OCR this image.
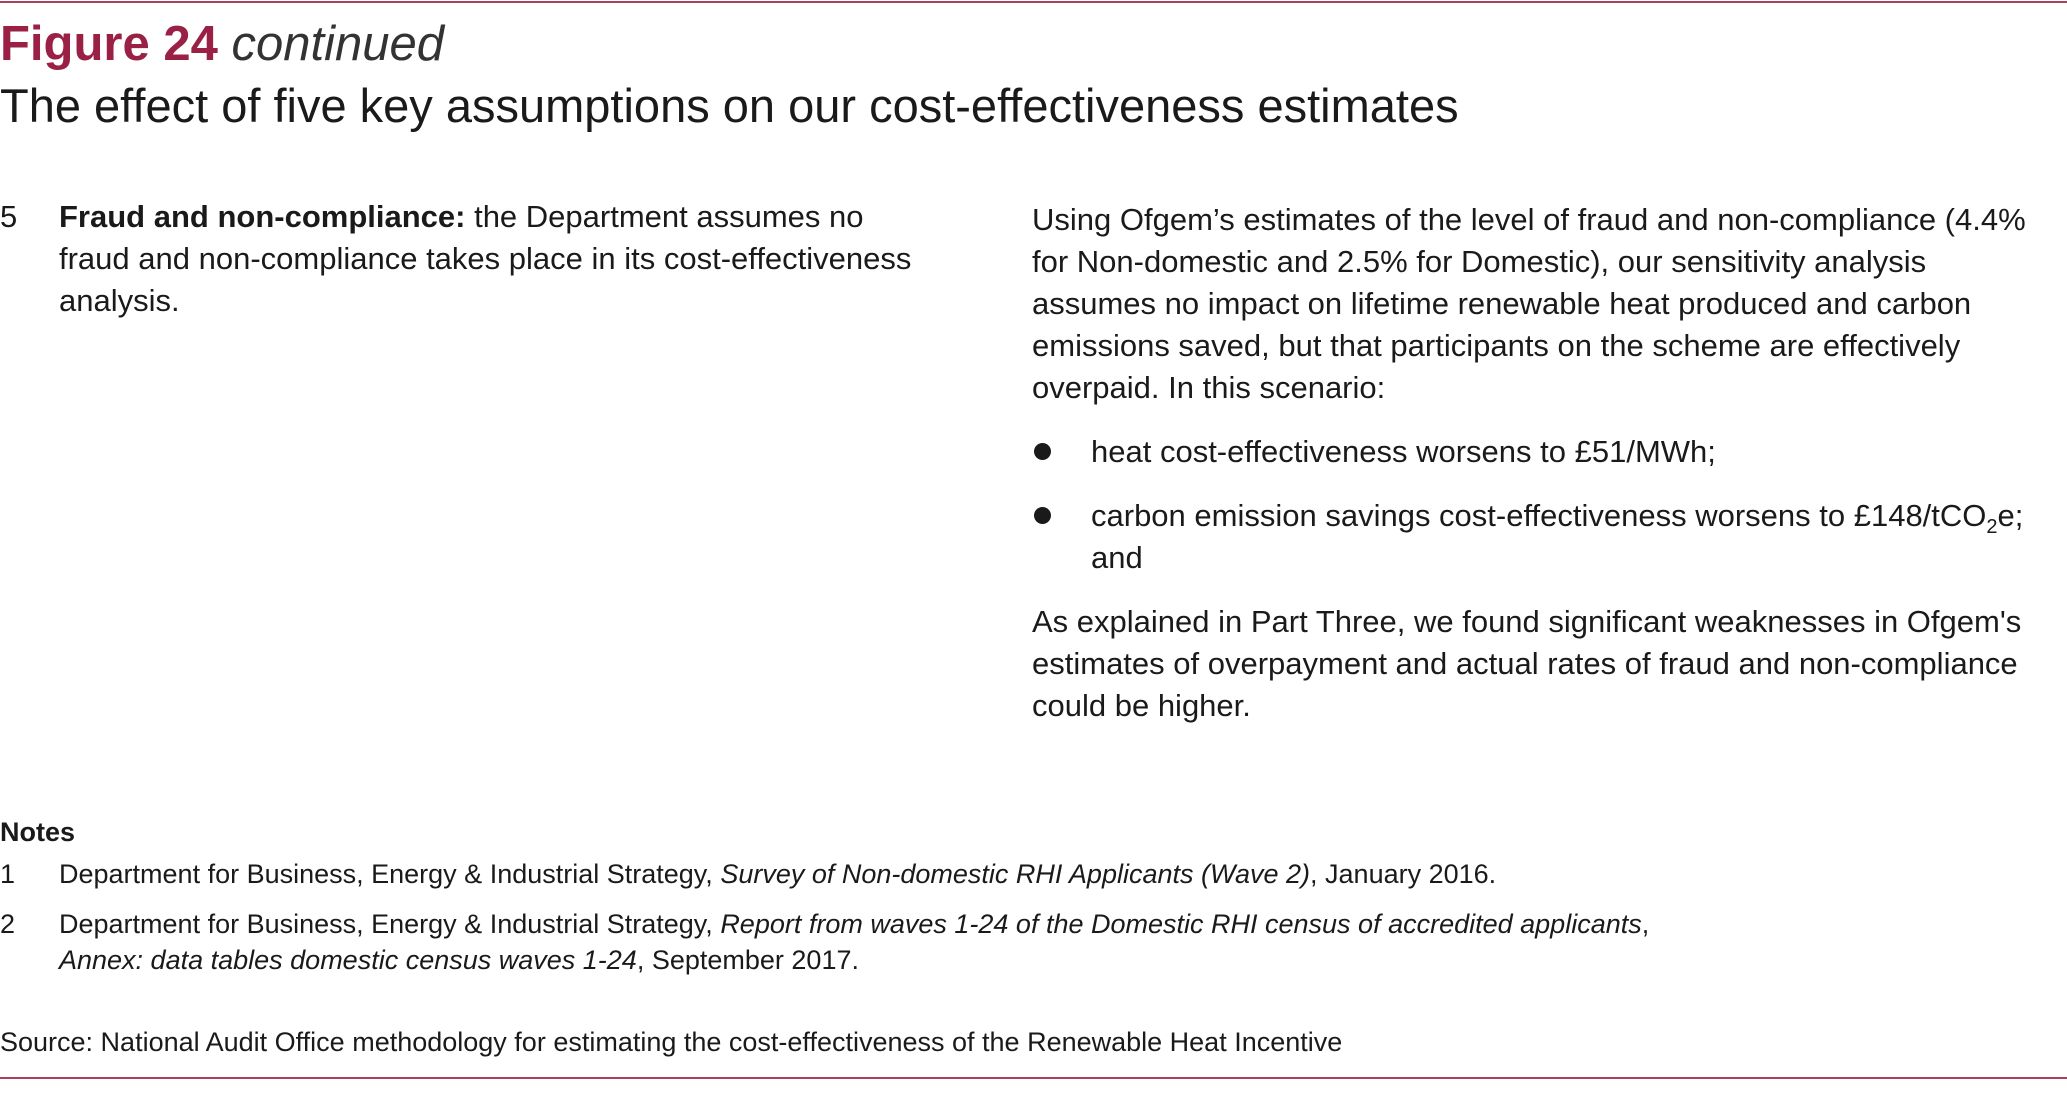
Figure 24 continued
The effect of five key assumptions on our cost-effectiveness estimates
5 Fraud and non-compliance: the Department assumes no fraud and non-compliance takes place in its cost-effectiveness analysis.

Using Ofgem’s estimates of the level of fraud and non-compliance (4.4% for Non-domestic and 2.5% for Domestic), our sensitivity analysis assumes no impact on lifetime renewable heat produced and carbon emissions saved, but that participants on the scheme are effectively overpaid. In this scenario:

heat cost-effectiveness worsens to £51/MWh;
carbon emission savings cost-effectiveness worsens to £148/tCO$_2$e; and

As explained in Part Three, we found significant weaknesses in Ofgem's estimates of overpayment and actual rates of fraud and non-compliance could be higher.

Notes
1 Department for Business, Energy & Industrial Strategy, Survey of Non-domestic RHI Applicants (Wave 2), January 2016.
2 Department for Business, Energy & Industrial Strategy, Report from waves 1-24 of the Domestic RHI census of accredited applicants,
Annex: data tables domestic census waves 1-24, September 2017.
Source: National Audit Office methodology for estimating the cost-effectiveness of the Renewable Heat Incentive
